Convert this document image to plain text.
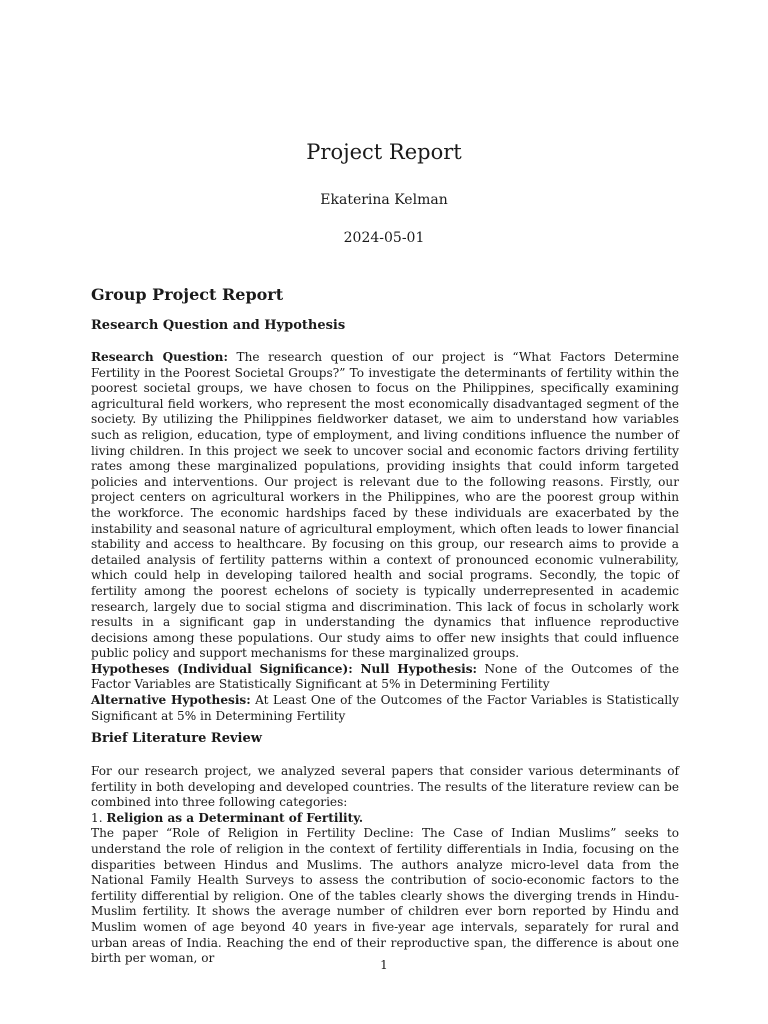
Project Report
Ekaterina Kelman
2024-05-01
Group Project Report
Research Question and Hypothesis

Research Question: The research question of our project is “What Factors Determine Fertility in the Poorest Societal Groups?” To investigate the determinants of fertility within the poorest societal groups, we have chosen to focus on the Philippines, specifically examining agricultural field workers, who represent the most economically disadvantaged segment of the society. By utilizing the Philippines fieldworker dataset, we aim to understand how variables such as religion, education, type of employment, and living conditions influence the number of living children. In this project we seek to uncover social and economic factors driving fertility rates among these marginalized populations, providing insights that could inform targeted policies and interventions. Our project is relevant due to the following reasons. Firstly, our project centers on agricultural workers in the Philippines, who are the poorest group within the workforce. The economic hardships faced by these individuals are exacerbated by the instability and seasonal nature of agricultural employment, which often leads to lower financial stability and access to healthcare. By focusing on this group, our research aims to provide a detailed analysis of fertility patterns within a context of pronounced economic vulnerability, which could help in developing tailored health and social programs. Secondly, the topic of fertility among the poorest echelons of society is typically underrepresented in academic research, largely due to social stigma and discrimination. This lack of focus in scholarly work results in a significant gap in understanding the dynamics that influence reproductive decisions among these populations. Our study aims to offer new insights that could influence public policy and support mechanisms for these marginalized groups.

Hypotheses (Individual Significance): Null Hypothesis: None of the Outcomes of the Factor Variables are Statistically Significant at 5% in Determining Fertility

Alternative Hypothesis: At Least One of the Outcomes of the Factor Variables is Statistically Significant at 5% in Determining Fertility

Brief Literature Review

For our research project, we analyzed several papers that consider various determinants of fertility in both developing and developed countries. The results of the literature review can be combined into three following categories:

1. Religion as a Determinant of Fertility.

The paper “Role of Religion in Fertility Decline: The Case of Indian Muslims” seeks to understand the role of religion in the context of fertility differentials in India, focusing on the disparities between Hindus and Muslims. The authors analyze micro-level data from the National Family Health Surveys to assess the contribution of socio-economic factors to the fertility differential by religion. One of the tables clearly shows the diverging trends in Hindu-Muslim fertility. It shows the average number of children ever born reported by Hindu and Muslim women of age beyond 40 years in five-year age intervals, separately for rural and urban areas of India. Reaching the end of their reproductive span, the difference is about one birth per woman, or	1
